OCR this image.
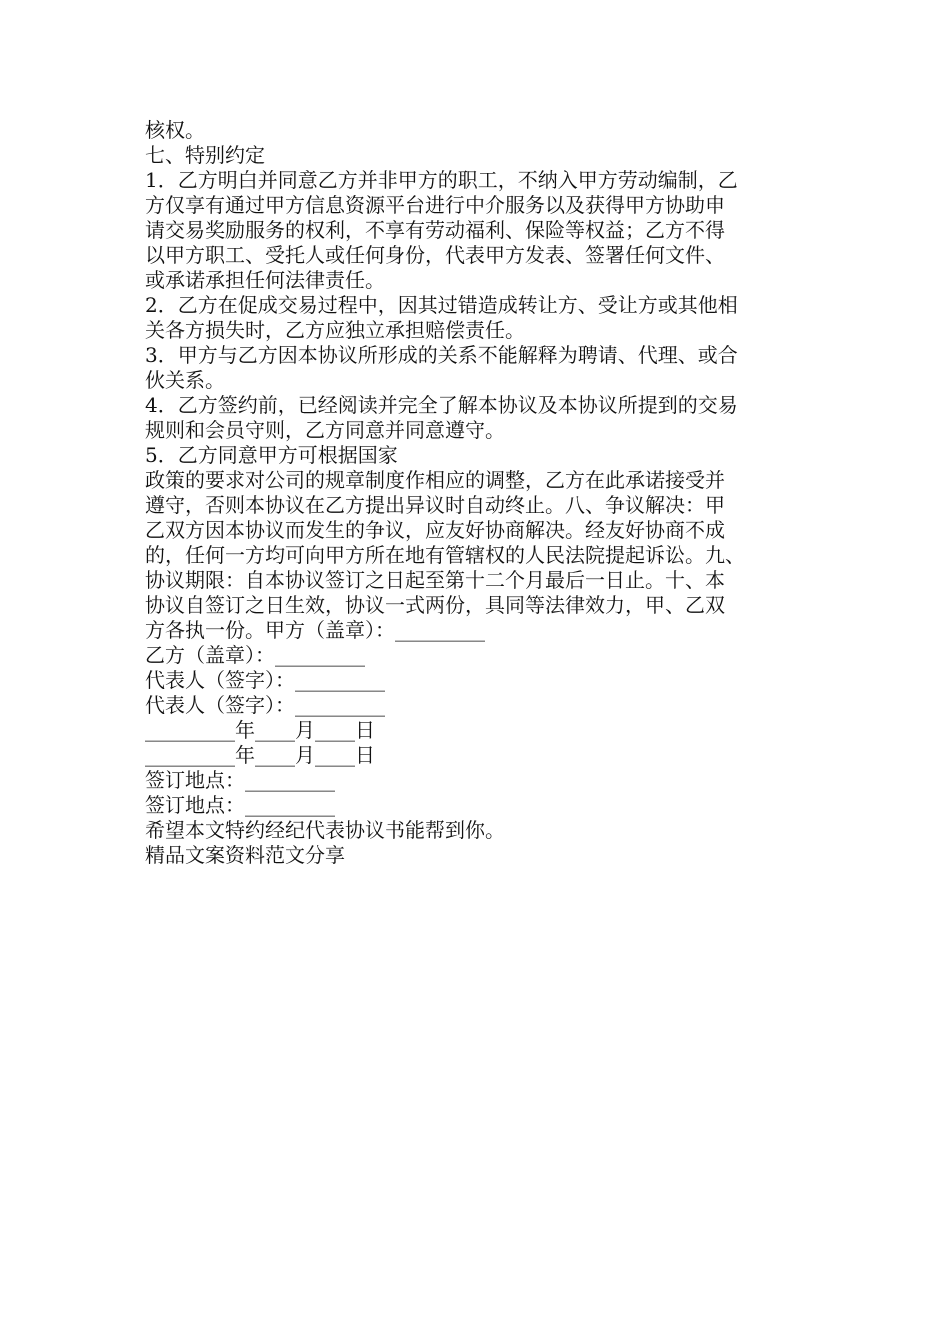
核权。
七、特别约定
1．乙方明白并同意乙方并非甲方的职工，不纳入甲方劳动编制，乙
方仅享有通过甲方信息资源平台进行中介服务以及获得甲方协助申
请交易奖励服务的权利，不享有劳动福利、保险等权益；乙方不得
以甲方职工、受托人或任何身份，代表甲方发表、签署任何文件、
或承诺承担任何法律责任。
2．乙方在促成交易过程中，因其过错造成转让方、受让方或其他相
关各方损失时，乙方应独立承担赔偿责任。
3．甲方与乙方因本协议所形成的关系不能解释为聘请、代理、或合
伙关系。
4．乙方签约前，已经阅读并完全了解本协议及本协议所提到的交易
规则和会员守则，乙方同意并同意遵守。
5．乙方同意甲方可根据国家
政策的要求对公司的规章制度作相应的调整，乙方在此承诺接受并
遵守，否则本协议在乙方提出异议时自动终止。八、争议解决：甲
乙双方因本协议而发生的争议，应友好协商解决。经友好协商不成
的，任何一方均可向甲方所在地有管辖权的人民法院提起诉讼。九、
协议期限：自本协议签订之日起至第十二个月最后一日止。十、本
协议自签订之日生效，协议一式两份，具同等法律效力，甲、乙双
方各执一份。甲方（盖章）：_________
乙方（盖章）：_________
代表人（签字）：_________
代表人（签字）：_________
_________年____月____日
_________年____月____日
签订地点：_________
签订地点：_________
希望本文特约经纪代表协议书能帮到你。
精品文案资料范文分享
